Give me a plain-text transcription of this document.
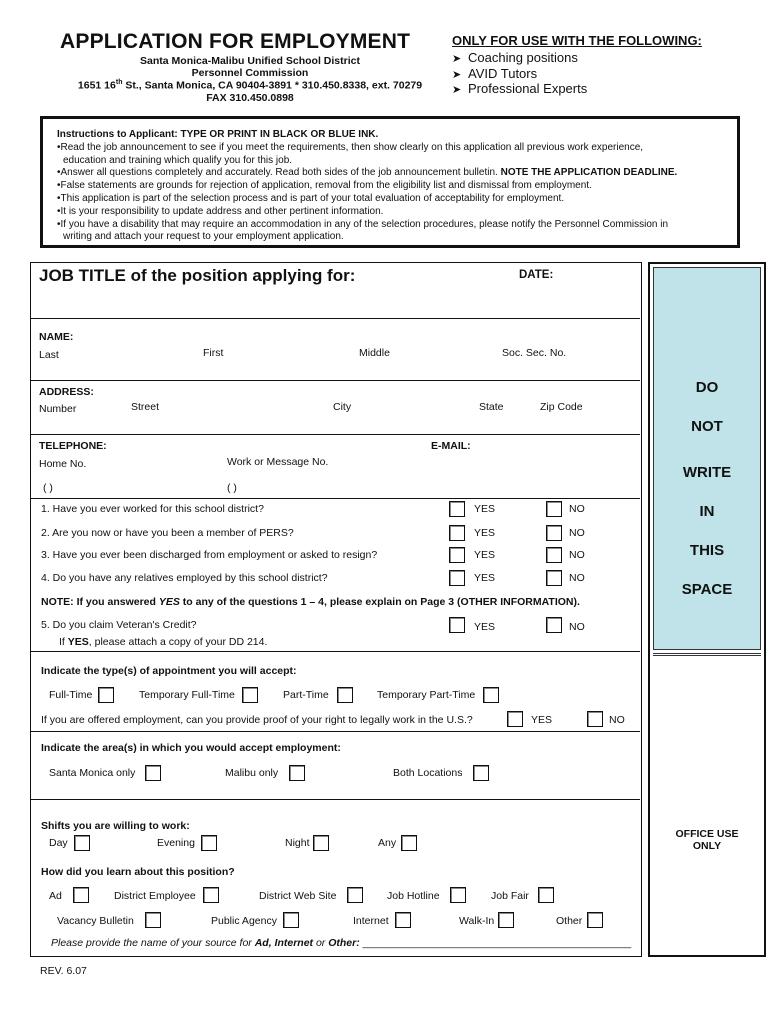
APPLICATION FOR EMPLOYMENT
Santa Monica-Malibu Unified School District
Personnel Commission
1651 16th St., Santa Monica, CA 90404-3891 * 310.450.8338, ext. 70279
FAX 310.450.0898
ONLY FOR USE WITH THE FOLLOWING:
➤ Coaching positions
➤ AVID Tutors
➤ Professional Experts
Instructions to Applicant: TYPE OR PRINT IN BLACK OR BLUE INK.
•Read the job announcement to see if you meet the requirements, then show clearly on this application all previous work experience,
education and training which qualify you for this job.
•Answer all questions completely and accurately. Read both sides of the job announcement bulletin. NOTE THE APPLICATION DEADLINE.
•False statements are grounds for rejection of application, removal from the eligibility list and dismissal from employment.
•This application is part of the selection process and is part of your total evaluation of acceptability for employment.
•It is your responsibility to update address and other pertinent information.
•If you have a disability that may require an accommodation in any of the selection procedures, please notify the Personnel Commission in
writing and attach your request to your employment application.
JOB TITLE of the position applying for:	DATE:
NAME:
Last	First	Middle	Soc. Sec. No.
ADDRESS:
Number	Street	City	State	Zip Code
TELEPHONE:	E-MAIL:
Home No.	Work or Message No.
( )	( )
1. Have you ever worked for this school district?	YES	NO
2. Are you now or have you been a member of PERS?	YES	NO
3. Have you ever been discharged from employment or asked to resign?	YES	NO
4. Do you have any relatives employed by this school district?	YES	NO
NOTE: If you answered YES to any of the questions 1 – 4, please explain on Page 3 (OTHER INFORMATION).
5. Do you claim Veteran's Credit?	YES	NO
If YES, please attach a copy of your DD 214.
Indicate the type(s) of appointment you will accept:
Full-Time	Temporary Full-Time	Part-Time	Temporary Part-Time
If you are offered employment, can you provide proof of your right to legally work in the U.S.?	YES	NO
Indicate the area(s) in which you would accept employment:
Santa Monica only	Malibu only	Both Locations
Shifts you are willing to work:
Day	Evening	Night	Any
How did you learn about this position?
Ad	District Employee	District Web Site	Job Hotline	Job Fair
Vacancy Bulletin	Public Agency	Internet	Walk-In	Other
Please provide the name of your source for Ad, Internet or Other: ______________________________________________
DO
NOT
WRITE
IN
THIS
SPACE
OFFICE USE
ONLY
REV. 6.07
